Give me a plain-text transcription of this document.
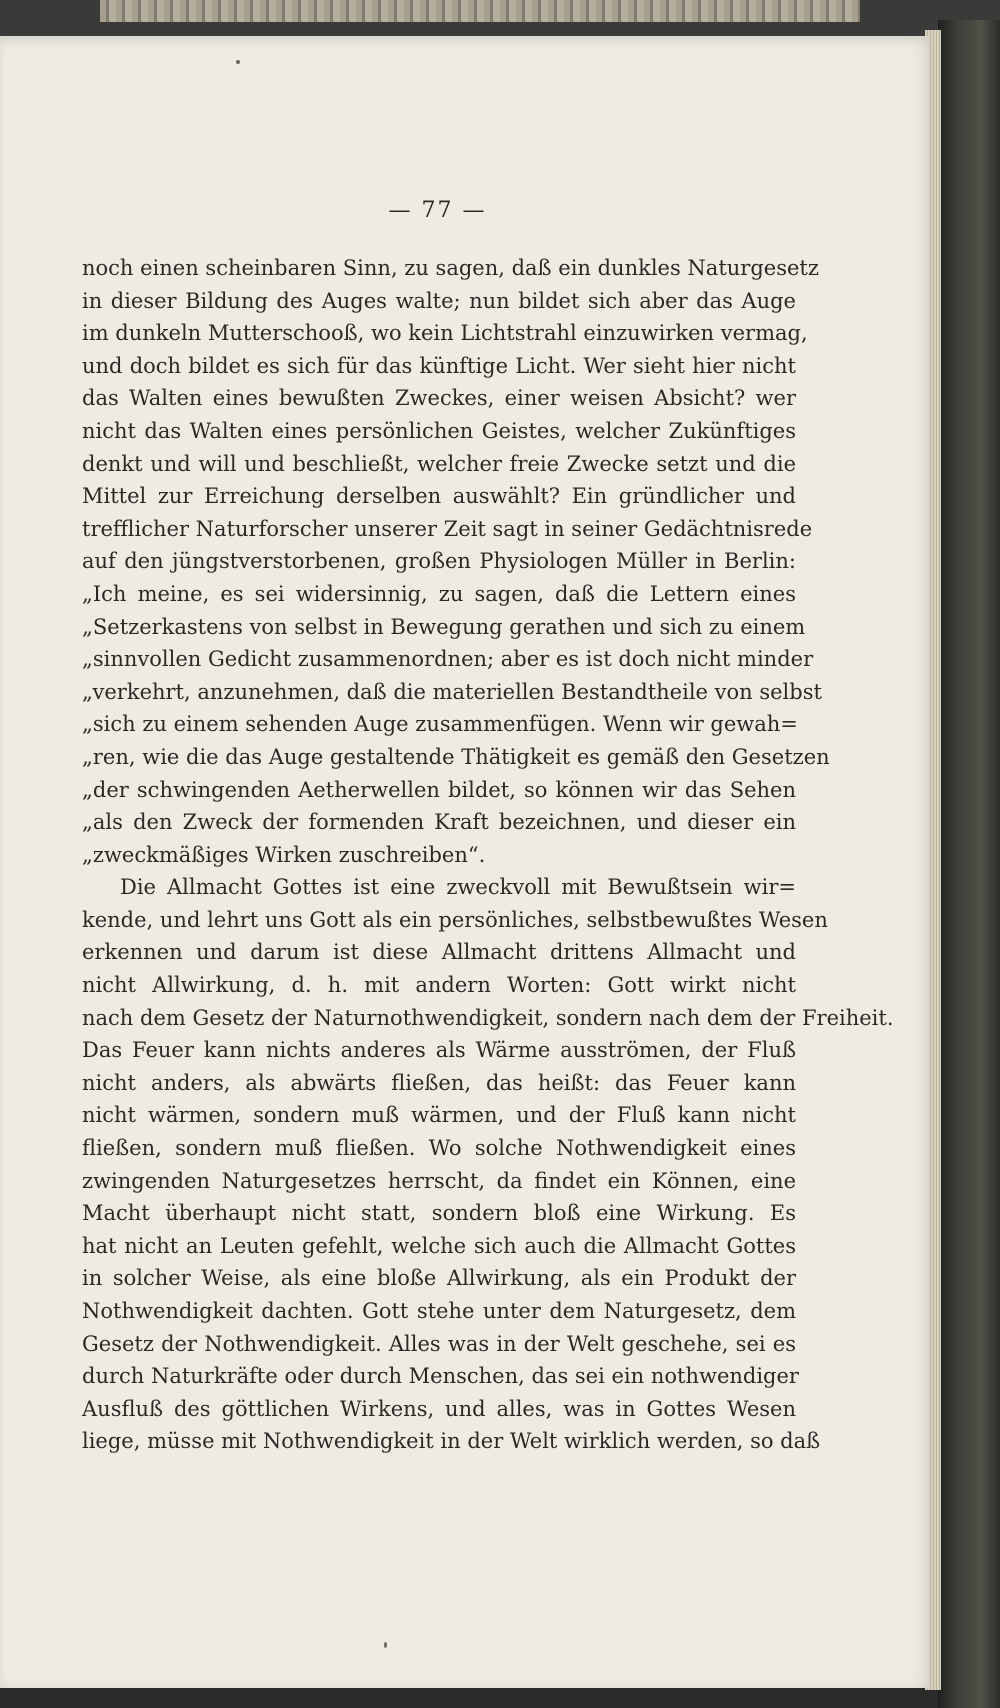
— 77 —
noch einen scheinbaren Sinn, zu sagen, daß ein dunkles Naturgesetz
in dieser Bildung des Auges walte; nun bildet sich aber das Auge
im dunkeln Mutterschooß, wo kein Lichtstrahl einzuwirken vermag,
und doch bildet es sich für das künftige Licht. Wer sieht hier nicht
das Walten eines bewußten Zweckes, einer weisen Absicht? wer
nicht das Walten eines persönlichen Geistes, welcher Zukünftiges
denkt und will und beschließt, welcher freie Zwecke setzt und die
Mittel zur Erreichung derselben auswählt? Ein gründlicher und
trefflicher Naturforscher unserer Zeit sagt in seiner Gedächtnisrede
auf den jüngstverstorbenen, großen Physiologen Müller in Berlin:
„Ich meine, es sei widersinnig, zu sagen, daß die Lettern eines
„Setzerkastens von selbst in Bewegung gerathen und sich zu einem
„sinnvollen Gedicht zusammenordnen; aber es ist doch nicht minder
„verkehrt, anzunehmen, daß die materiellen Bestandtheile von selbst
„sich zu einem sehenden Auge zusammenfügen. Wenn wir gewah=
„ren, wie die das Auge gestaltende Thätigkeit es gemäß den Gesetzen
„der schwingenden Aetherwellen bildet, so können wir das Sehen
„als den Zweck der formenden Kraft bezeichnen, und dieser ein
„zweckmäßiges Wirken zuschreiben“.
Die Allmacht Gottes ist eine zweckvoll mit Bewußtsein wir=
kende, und lehrt uns Gott als ein persönliches, selbstbewußtes Wesen
erkennen und darum ist diese Allmacht drittens Allmacht und
nicht Allwirkung, d. h. mit andern Worten: Gott wirkt nicht
nach dem Gesetz der Naturnothwendigkeit, sondern nach dem der Freiheit.
Das Feuer kann nichts anderes als Wärme ausströmen, der Fluß
nicht anders, als abwärts fließen, das heißt: das Feuer kann
nicht wärmen, sondern muß wärmen, und der Fluß kann nicht
fließen, sondern muß fließen. Wo solche Nothwendigkeit eines
zwingenden Naturgesetzes herrscht, da findet ein Können, eine
Macht überhaupt nicht statt, sondern bloß eine Wirkung. Es
hat nicht an Leuten gefehlt, welche sich auch die Allmacht Gottes
in solcher Weise, als eine bloße Allwirkung, als ein Produkt der
Nothwendigkeit dachten. Gott stehe unter dem Naturgesetz, dem
Gesetz der Nothwendigkeit. Alles was in der Welt geschehe, sei es
durch Naturkräfte oder durch Menschen, das sei ein nothwendiger
Ausfluß des göttlichen Wirkens, und alles, was in Gottes Wesen
liege, müsse mit Nothwendigkeit in der Welt wirklich werden, so daß
